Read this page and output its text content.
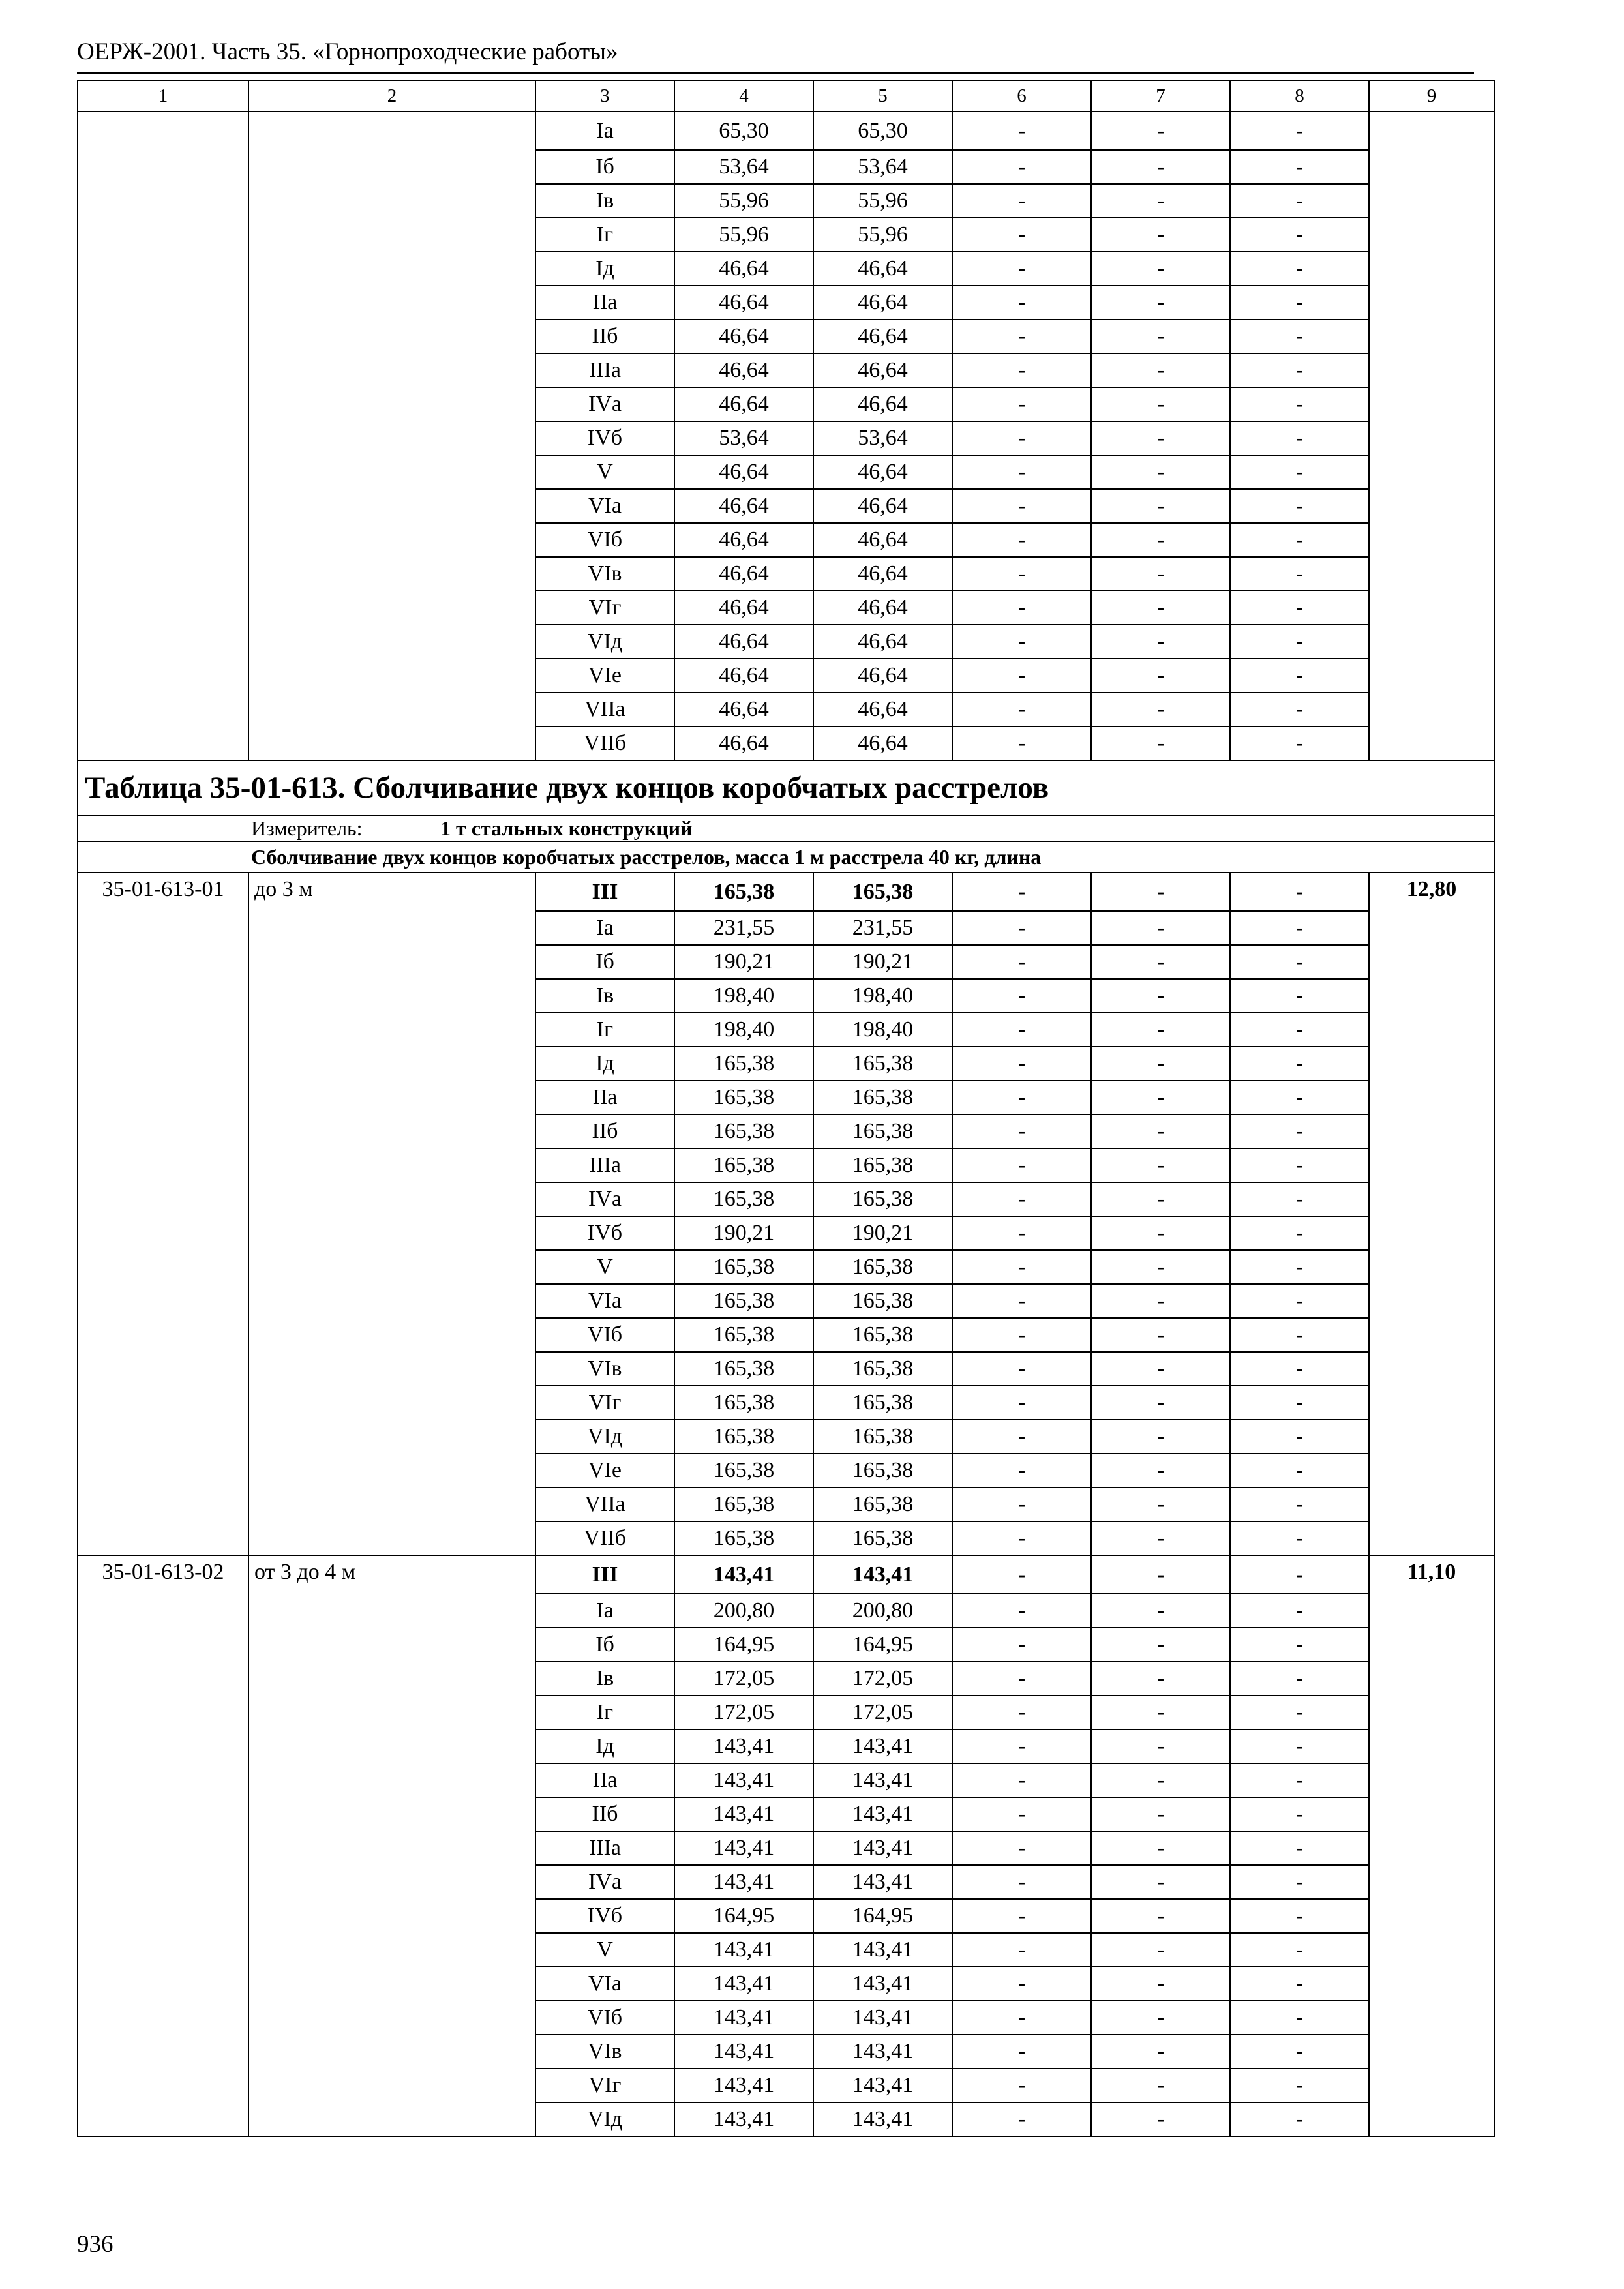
ОЕРЖ-2001. Часть 35. «Горнопроходческие работы»
1	2	3	4	5	6	7	8	9
		Iа	65,30	65,30	-	-	-	
		Iб	53,64	53,64	-	-	-	
		Iв	55,96	55,96	-	-	-	
		Iг	55,96	55,96	-	-	-	
		Iд	46,64	46,64	-	-	-	
		IIа	46,64	46,64	-	-	-	
		IIб	46,64	46,64	-	-	-	
		IIIа	46,64	46,64	-	-	-	
		IVа	46,64	46,64	-	-	-	
		IVб	53,64	53,64	-	-	-	
		V	46,64	46,64	-	-	-	
		VIа	46,64	46,64	-	-	-	
		VIб	46,64	46,64	-	-	-	
		VIв	46,64	46,64	-	-	-	
		VIг	46,64	46,64	-	-	-	
		VIд	46,64	46,64	-	-	-	
		VIе	46,64	46,64	-	-	-	
		VIIа	46,64	46,64	-	-	-	
		VIIб	46,64	46,64	-	-	-	
Таблица 35-01-613. Сболчивание двух концов коробчатых расстрелов								
Измеритель: 1 т стальных конструкций								
Сболчивание двух концов коробчатых расстрелов, масса 1 м расстрела 40 кг, длина								
35-01-613-01	до 3 м	III	165,38	165,38	-	-	-	12,80
		Iа	231,55	231,55	-	-	-	
		Iб	190,21	190,21	-	-	-	
		Iв	198,40	198,40	-	-	-	
		Iг	198,40	198,40	-	-	-	
		Iд	165,38	165,38	-	-	-	
		IIа	165,38	165,38	-	-	-	
		IIб	165,38	165,38	-	-	-	
		IIIа	165,38	165,38	-	-	-	
		IVа	165,38	165,38	-	-	-	
		IVб	190,21	190,21	-	-	-	
		V	165,38	165,38	-	-	-	
		VIа	165,38	165,38	-	-	-	
		VIб	165,38	165,38	-	-	-	
		VIв	165,38	165,38	-	-	-	
		VIг	165,38	165,38	-	-	-	
		VIд	165,38	165,38	-	-	-	
		VIе	165,38	165,38	-	-	-	
		VIIа	165,38	165,38	-	-	-	
		VIIб	165,38	165,38	-	-	-	
35-01-613-02	от 3 до 4 м	III	143,41	143,41	-	-	-	11,10
		Iа	200,80	200,80	-	-	-	
		Iб	164,95	164,95	-	-	-	
		Iв	172,05	172,05	-	-	-	
		Iг	172,05	172,05	-	-	-	
		Iд	143,41	143,41	-	-	-	
		IIа	143,41	143,41	-	-	-	
		IIб	143,41	143,41	-	-	-	
		IIIа	143,41	143,41	-	-	-	
		IVа	143,41	143,41	-	-	-	
		IVб	164,95	164,95	-	-	-	
		V	143,41	143,41	-	-	-	
		VIа	143,41	143,41	-	-	-	
		VIб	143,41	143,41	-	-	-	
		VIв	143,41	143,41	-	-	-	
		VIг	143,41	143,41	-	-	-	
		VIд	143,41	143,41	-	-	-	
936
